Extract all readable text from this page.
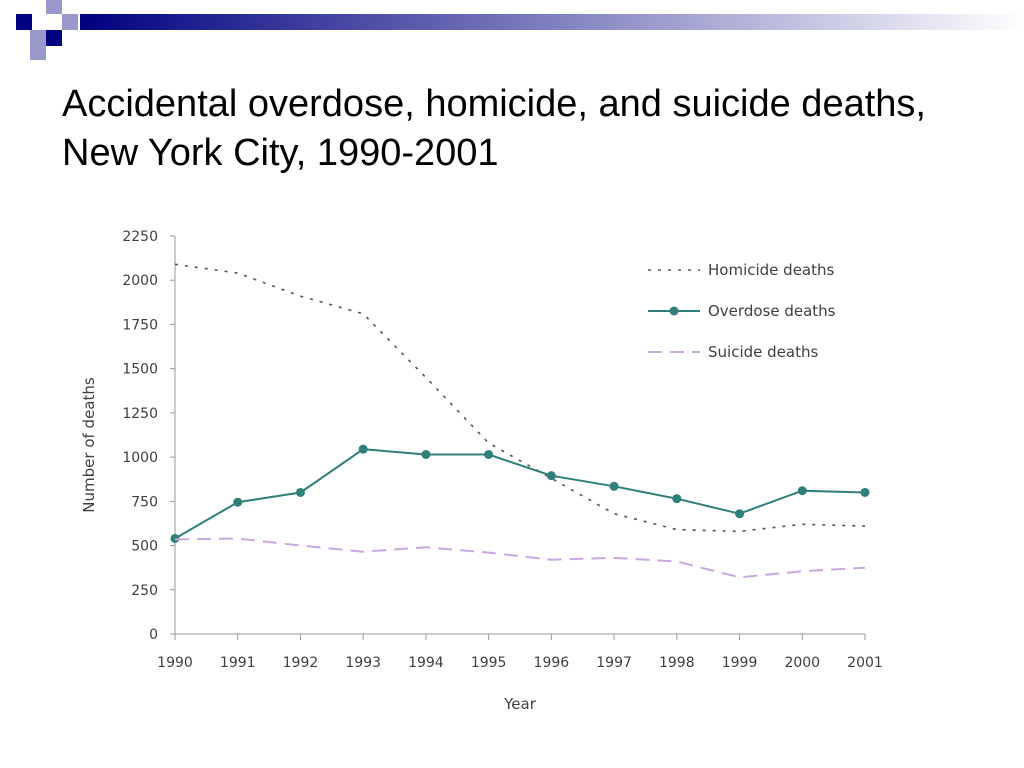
Accidental overdose, homicide, and suicide deaths, New York City, 1990-2001
0
250
500
750
1000
1250
1500
1750
2000
2250
1990 1991 1992 1993 1994 1995 1996 1997 1998 1999 2000 2001
Year
Number of deaths
Homicide deaths
Overdose deaths
Suicide deaths
